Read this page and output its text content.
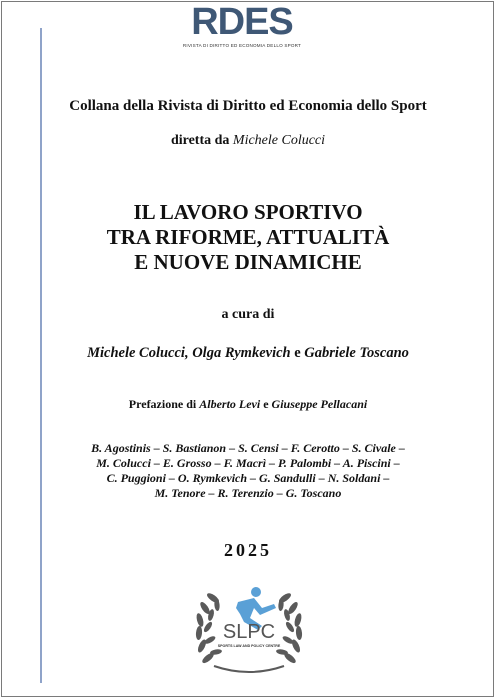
RDES
RIVISTA DI DIRITTO ED ECONOMIA DELLO SPORT
Collana della Rivista di Diritto ed Economia dello Sport
diretta da Michele Colucci
IL LAVORO SPORTIVO
TRA RIFORME, ATTUALITÀ
E NUOVE DINAMICHE
a cura di
Michele Colucci, Olga Rymkevich e Gabriele Toscano
Prefazione di Alberto Levi e Giuseppe Pellacani
B. Agostinis – S. Bastianon – S. Censi – F. Cerotto – S. Civale –
M. Colucci – E. Grosso – F. Macrì – P. Palombi – A. Piscini –
C. Puggioni – O. Rymkevich – G. Sandulli – N. Soldani –
M. Tenore – R. Terenzio – G. Toscano
2025
SLPC
SPORTS LAW AND POLICY CENTRE
